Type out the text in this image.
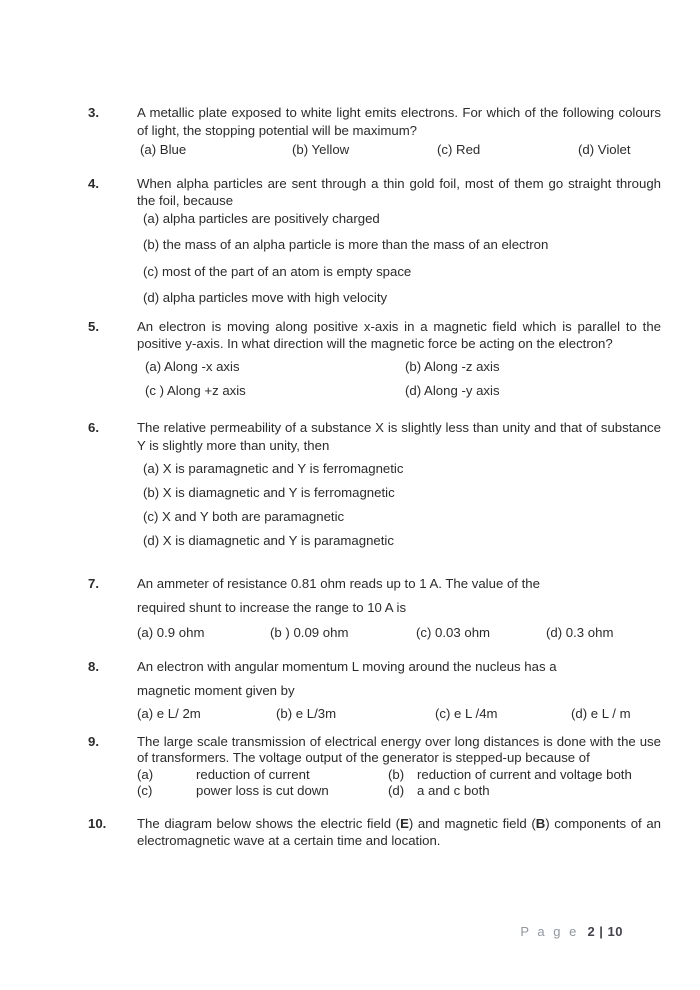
3.	A metallic plate exposed to white light emits electrons. For which of the following colours of light, the stopping potential will be maximum?

(a) Blue	(b) Yellow	(c) Red	(d) Violet
4.	When alpha particles are sent through a thin gold foil, most of them go straight through the foil, because

(a) alpha particles are positively charged
(b) the mass of an alpha particle is more than the mass of an electron
(c) most of the part of an atom is empty space
(d) alpha particles move with high velocity
5.	An electron is moving along positive x-axis in a magnetic field which is parallel to the positive y-axis. In what direction will the magnetic force be acting on the electron?

(a) Along -x axis	(b) Along -z axis
(c ) Along +z axis	(d) Along -y axis
6.	The relative permeability of a substance X is slightly less than unity and that of substance Y is slightly more than unity, then

(a) X is paramagnetic and Y is ferromagnetic
(b) X is diamagnetic and Y is ferromagnetic
(c) X and Y both are paramagnetic
(d) X is diamagnetic and Y is paramagnetic
7.	An ammeter of resistance 0.81 ohm reads up to 1 A. The value of the
required shunt to increase the range to 10 A is
(a) 0.9 ohm	(b ) 0.09 ohm	(c) 0.03 ohm	(d) 0.3 ohm
8.	An electron with angular momentum L moving around the nucleus has a
magnetic moment given by
(a) e L/ 2m	(b) e L/3m	(c) e L /4m	(d) e L / m
9.	The large scale transmission of electrical energy over long distances is done with the use of transformers. The voltage output of the generator is stepped-up because of

(a)	reduction of current	(b) reduction of current and voltage both
(c)	power loss is cut down	(d) a and c both
10.	The diagram below shows the electric field (E) and magnetic field (B) components of an electromagnetic wave at a certain time and location.

P a g e 2 | 10
